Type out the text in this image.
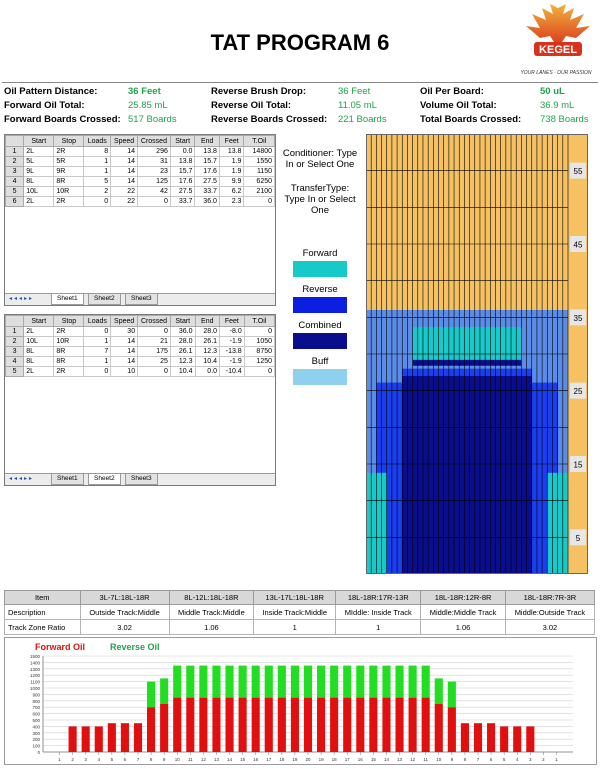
TAT PROGRAM 6	KEGEL
YOUR LANES · OUR PASSION
Oil Pattern Distance:	36 Feet	Reverse Brush Drop:	36 Feet	Oil Per Board:	50 uL
Forward Oil Total:	25.85 mL	Reverse Oil Total:	11.05 mL	Volume Oil Total:	36.9 mL
Forward Boards Crossed: 517 Boards	Reverse Boards Crossed: 221 Boards	Total Boards Crossed: 738 Boards
	Start	Stop	Loads	Speed	Crossed	Start	End	Feet	T.Oil
1	2L	2R	8	14	296	0.0	13.8	13.8	14800
2	5L	5R	1	14	31	13.8	15.7	1.9	1550
3	9L	9R	1	14	23	15.7	17.6	1.9	1150
4	8L	8R	5	14	125	17.6	27.5	9.9	6250
5	10L	10R	2	22	42	27.5	33.7	6.2	2100
6	2L	2R	0	22	0	33.7	36.0	2.3	0
◂◂◂▸▸	Sheet1	Sheet2	Sheet3
	Start	Stop	Loads	Speed	Crossed	Start	End	Feet	T.Oil
1	2L	2R	0	30	0	36.0	28.0	-8.0	0
2	10L	10R	1	14	21	28.0	26.1	-1.9	1050
3	8L	8R	7	14	175	26.1	12.3	-13.8	8750
4	8L	8R	1	14	25	12.3	10.4	-1.9	1250
5	2L	2R	0	10	0	10.4	0.0	-10.4	0
◂◂◂▸▸	Sheet1	Sheet2	Sheet3
Conditioner: Type In or Select One
TransferType: Type In or Select One
Forward
Reverse
Combined
Buff
55
45
35
25
15
5
Item	3L-7L:18L-18R	8L-12L:18L-18R	13L-17L:18L-18R	18L-18R:17R-13R	18L-18R:12R-8R	18L-18R:7R-3R
Description	Outside Track:Middle	Middle Track:Middle	Inside Track:Middle	MIddle: Inside Track	Middle:Middle Track	Middle:Outside Track
Track Zone Ratio	3.02	1.06	1	1	1.06	3.02
Forward Oil	Reverse Oil
0
100
200
300
400
500
600
700
800
900
1000
1100
1200
1300
1400
1500
1 2 3 4 5 6 7 8 9 10 11 12 13 14 15 16 17 18 19 20 19 18 17 16 15 14 13 12 11 10 9 8 7 6 5 4 3 2 1
